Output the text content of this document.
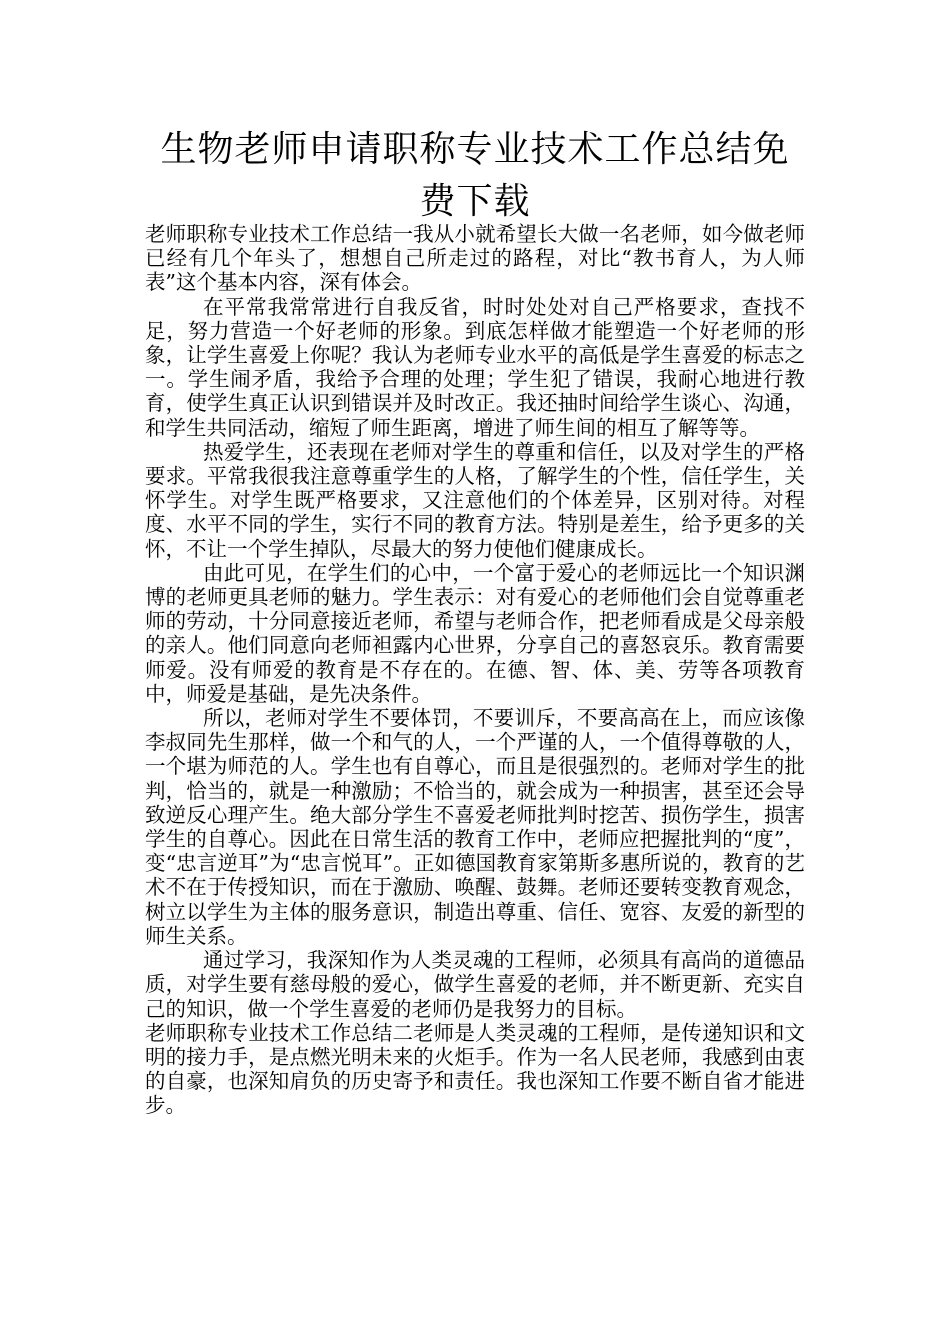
生物老师申请职称专业技术工作总结免费下载

老师职称专业技术工作总结一我从小就希望长大做一名老师，如今做老师已经有几个年头了，想想自己所走过的路程，对比“教书育人，为人师表”这个基本内容，深有体会。

在平常我常常进行自我反省，时时处处对自己严格要求，查找不足，努力营造一个好老师的形象。到底怎样做才能塑造一个好老师的形象，让学生喜爱上你呢？我认为老师专业水平的高低是学生喜爱的标志之一。学生闹矛盾，我给予合理的处理；学生犯了错误，我耐心地进行教育，使学生真正认识到错误并及时改正。我还抽时间给学生谈心、沟通，和学生共同活动，缩短了师生距离，增进了师生间的相互了解等等。

热爱学生，还表现在老师对学生的尊重和信任，以及对学生的严格要求。平常我很我注意尊重学生的人格，了解学生的个性，信任学生，关怀学生。对学生既严格要求，又注意他们的个体差异，区别对待。对程度、水平不同的学生，实行不同的教育方法。特别是差生，给予更多的关怀，不让一个学生掉队，尽最大的努力使他们健康成长。

由此可见，在学生们的心中，一个富于爱心的老师远比一个知识渊博的老师更具老师的魅力。学生表示：对有爱心的老师他们会自觉尊重老师的劳动，十分同意接近老师，希望与老师合作，把老师看成是父母亲般的亲人。他们同意向老师袒露内心世界，分享自己的喜怒哀乐。教育需要师爱。没有师爱的教育是不存在的。在德、智、体、美、劳等各项教育中，师爱是基础，是先决条件。

所以，老师对学生不要体罚，不要训斥，不要高高在上，而应该像李叔同先生那样，做一个和气的人，一个严谨的人，一个值得尊敬的人，一个堪为师范的人。学生也有自尊心，而且是很强烈的。老师对学生的批判，恰当的，就是一种激励；不恰当的，就会成为一种损害，甚至还会导致逆反心理产生。绝大部分学生不喜爱老师批判时挖苦、损伤学生，损害学生的自尊心。因此在日常生活的教育工作中，老师应把握批判的“度”，变“忠言逆耳”为“忠言悦耳”。正如德国教育家第斯多惠所说的，教育的艺术不在于传授知识，而在于激励、唤醒、鼓舞。老师还要转变教育观念，树立以学生为主体的服务意识，制造出尊重、信任、宽容、友爱的新型的师生关系。

通过学习，我深知作为人类灵魂的工程师，必须具有高尚的道德品质，对学生要有慈母般的爱心，做学生喜爱的老师，并不断更新、充实自己的知识，做一个学生喜爱的老师仍是我努力的目标。

老师职称专业技术工作总结二老师是人类灵魂的工程师，是传递知识和文明的接力手，是点燃光明未来的火炬手。作为一名人民老师，我感到由衷的自豪，也深知肩负的历史寄予和责任。我也深知工作要不断自省才能进步。
